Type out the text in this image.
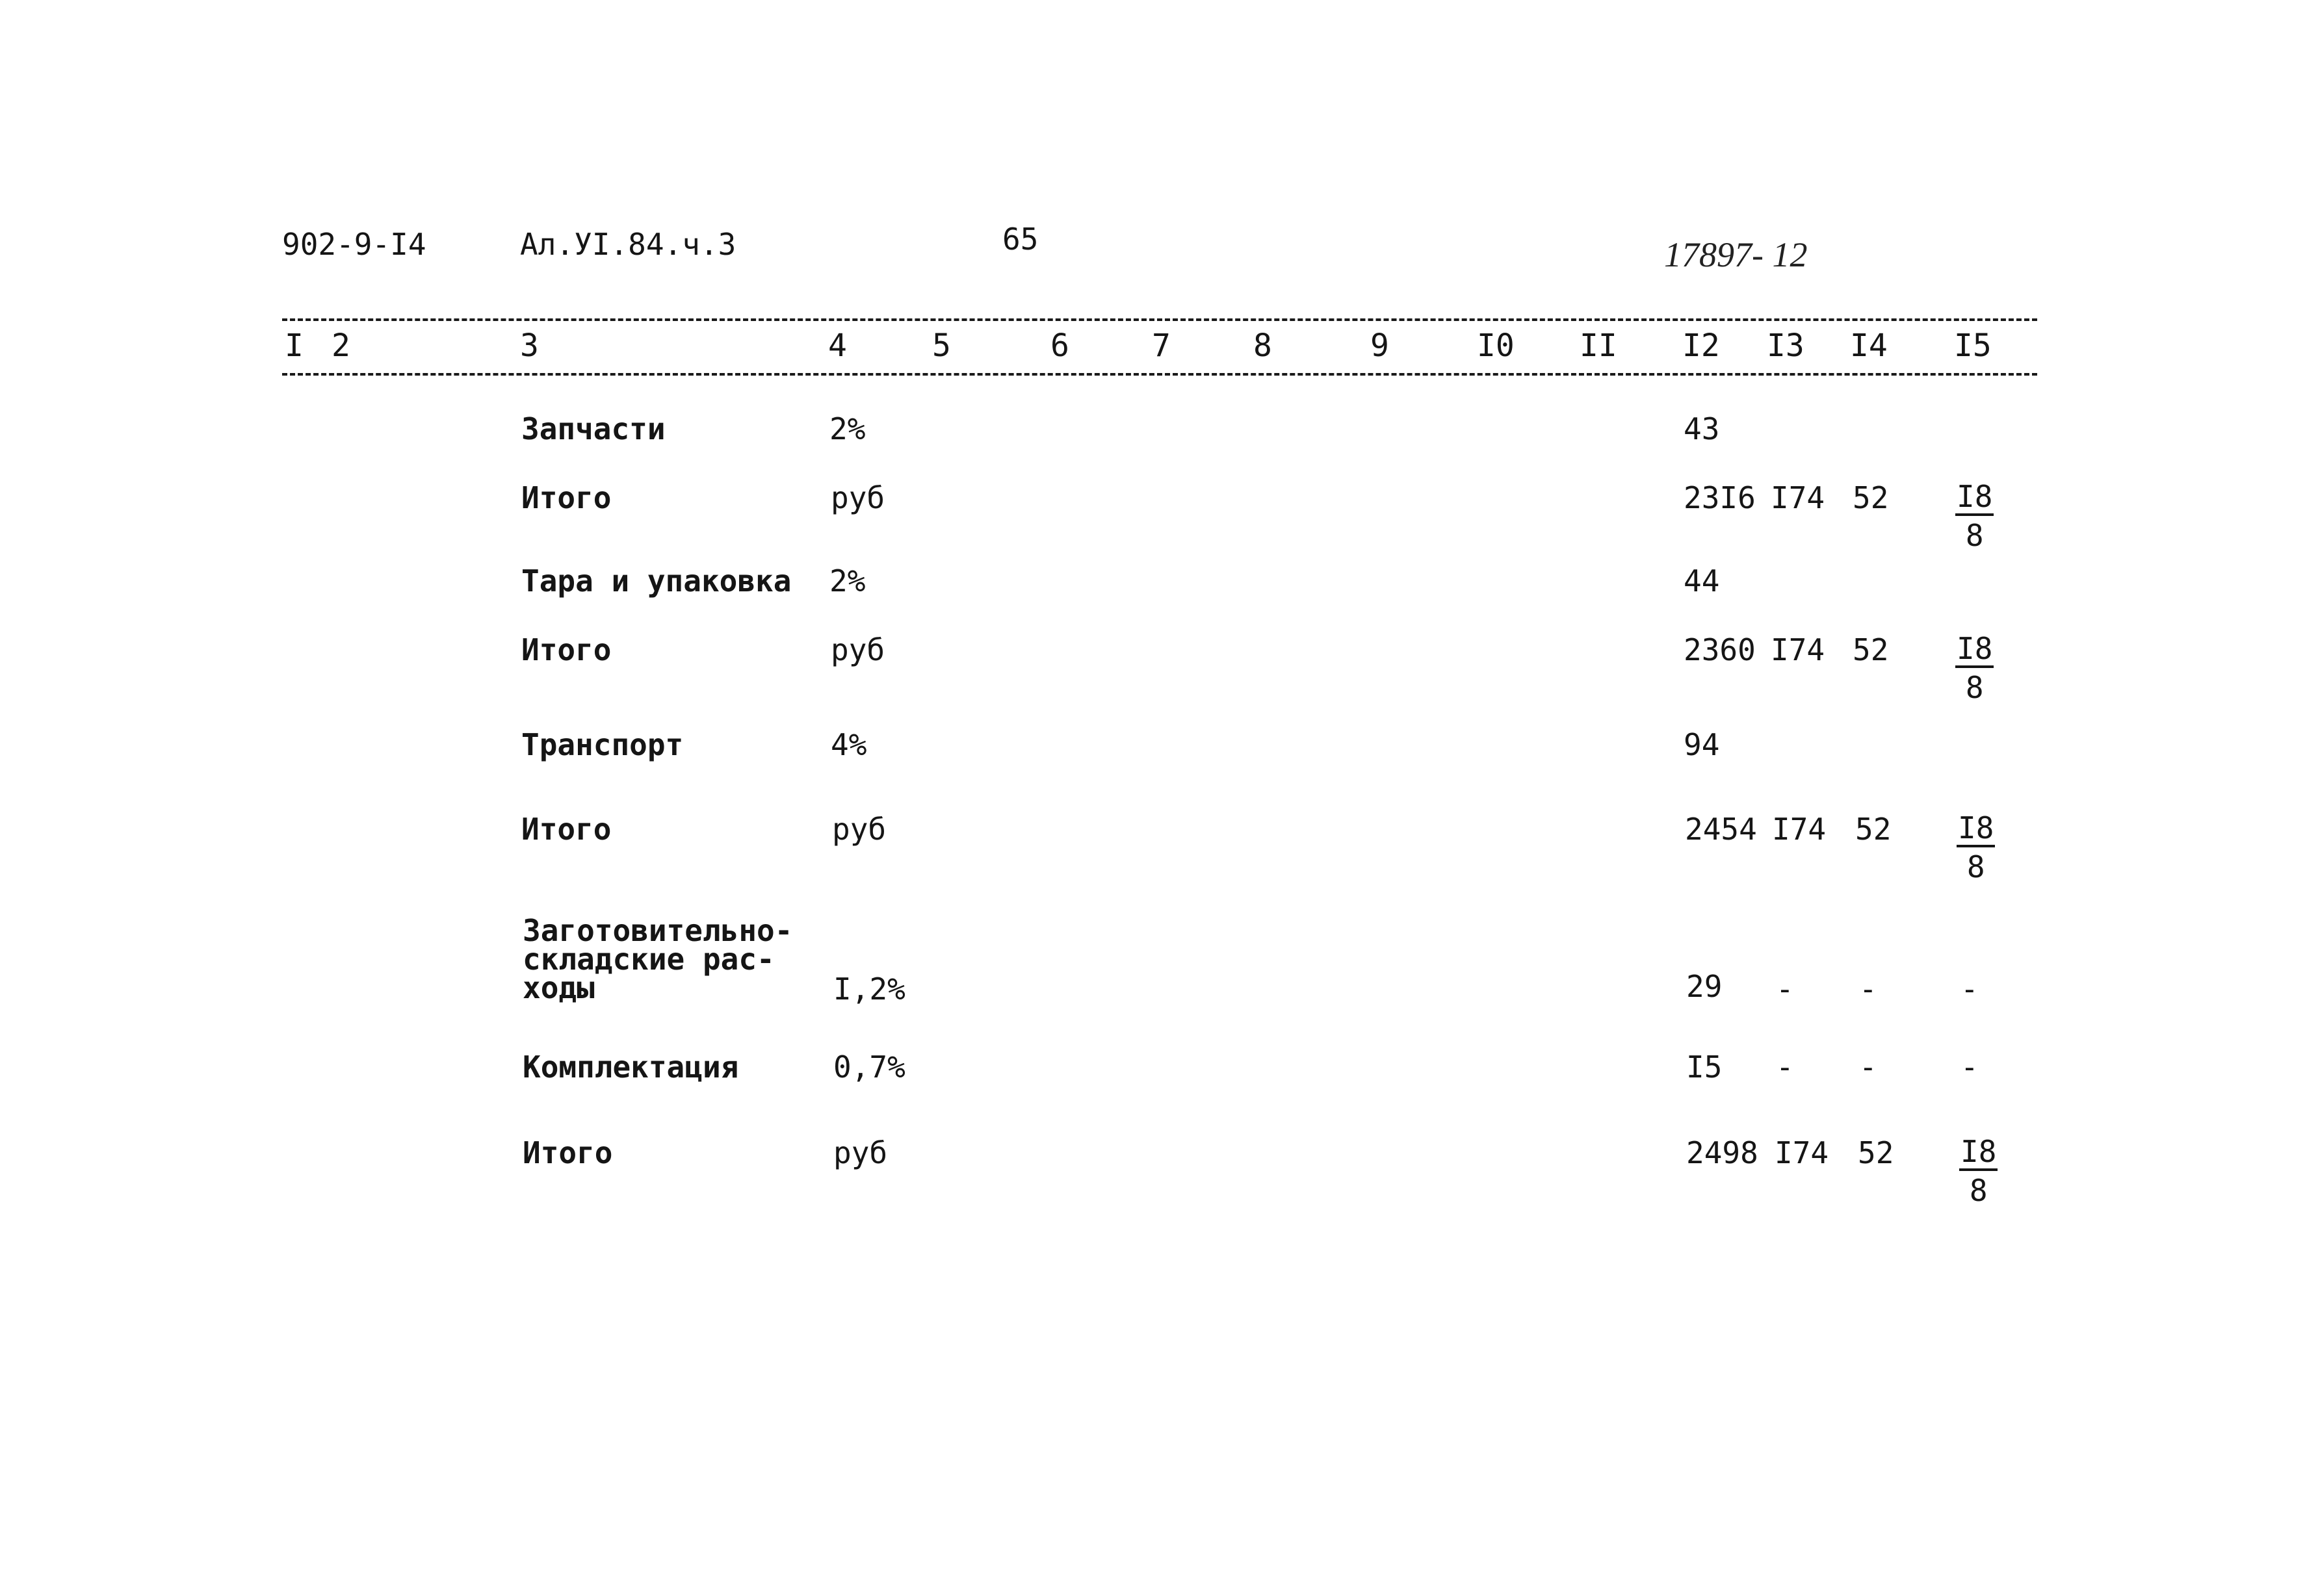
902-9-I4	Ал.УI.84.ч.3	65	17897- 12
I 2	3	4	5	6	7	8	9	I0 II I2 I3 I4 I5
Запчасти	2%	43
Итого	руб	23I6 I74 $52 \frac{I8}{8}$
Тара и упаковка 2%	44
Итого	руб	2360 I74 $52 \frac{I8}{8}$
Транспорт	4%	94
Итого	руб	2454 I74 $52 \frac{I8}{8}$
Заготовительно-
складские рас-
ходы	I,2%	29 - -	-
Комплектация	0,7%	I5 - -	-
Итого	руб	2498 I74 $52 \frac{I8}{8}$
